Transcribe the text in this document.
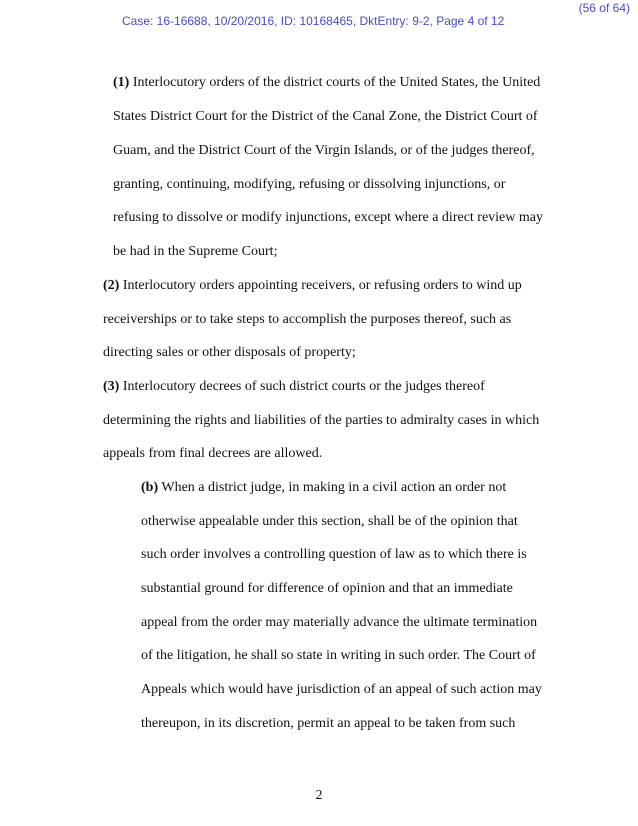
(56 of 64)
Case: 16-16688, 10/20/2016, ID: 10168465, DktEntry: 9-2, Page 4 of 12
(1) Interlocutory orders of the district courts of the United States, the United
States District Court for the District of the Canal Zone, the District Court of
Guam, and the District Court of the Virgin Islands, or of the judges thereof,
granting, continuing, modifying, refusing or dissolving injunctions, or
refusing to dissolve or modify injunctions, except where a direct review may
be had in the Supreme Court;
(2) Interlocutory orders appointing receivers, or refusing orders to wind up
receiverships or to take steps to accomplish the purposes thereof, such as
directing sales or other disposals of property;
(3) Interlocutory decrees of such district courts or the judges thereof
determining the rights and liabilities of the parties to admiralty cases in which
appeals from final decrees are allowed.
(b) When a district judge, in making in a civil action an order not
otherwise appealable under this section, shall be of the opinion that
such order involves a controlling question of law as to which there is
substantial ground for difference of opinion and that an immediate
appeal from the order may materially advance the ultimate termination
of the litigation, he shall so state in writing in such order. The Court of
Appeals which would have jurisdiction of an appeal of such action may
thereupon, in its discretion, permit an appeal to be taken from such
2
